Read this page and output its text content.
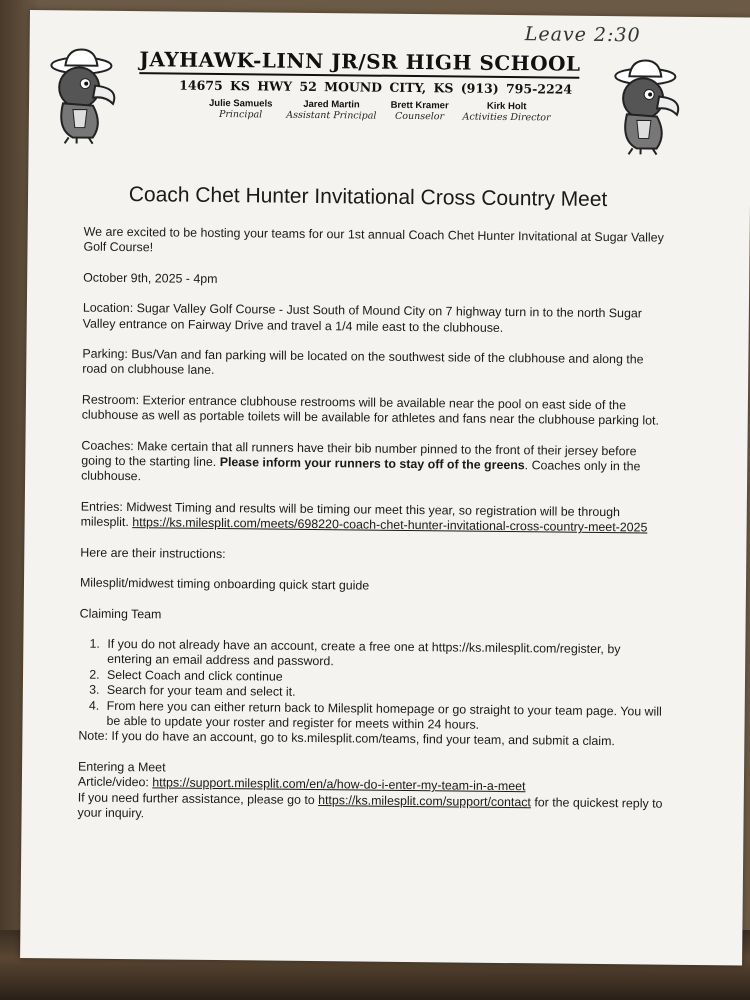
Leave 2:30
JAYHAWK-LINN JR/SR HIGH SCHOOL
14675 KS HWY 52 MOUND CITY, KS (913) 795-2224
Julie Samuels
Principal
Jared Martin
Assistant Principal
Brett Kramer
Counselor
Kirk Holt
Activities Director
Coach Chet Hunter Invitational Cross Country Meet

We are excited to be hosting your teams for our 1st annual Coach Chet Hunter Invitational at Sugar Valley Golf Course!

October 9th, 2025 - 4pm

Location: Sugar Valley Golf Course - Just South of Mound City on 7 highway turn in to the north Sugar Valley entrance on Fairway Drive and travel a 1/4 mile east to the clubhouse.

Parking: Bus/Van and fan parking will be located on the southwest side of the clubhouse and along the road on clubhouse lane.

Restroom: Exterior entrance clubhouse restrooms will be available near the pool on east side of the clubhouse as well as portable toilets will be available for athletes and fans near the clubhouse parking lot.

Coaches: Make certain that all runners have their bib number pinned to the front of their jersey before going to the starting line. Please inform your runners to stay off of the greens. Coaches only in the clubhouse.

Entries: Midwest Timing and results will be timing our meet this year, so registration will be through milesplit. https://ks.milesplit.com/meets/698220-coach-chet-hunter-invitational-cross-country-meet-2025

Here are their instructions:

Milesplit/midwest timing onboarding quick start guide

Claiming Team

1. If you do not already have an account, create a free one at https://ks.milesplit.com/register, by entering an email address and password.
2. Select Coach and click continue
3. Search for your team and select it.
4. From here you can either return back to Milesplit homepage or go straight to your team page. You will be able to update your roster and register for meets within 24 hours.

Note: If you do have an account, go to ks.milesplit.com/teams, find your team, and submit a claim.

Entering a Meet

Article/video: https://support.milesplit.com/en/a/how-do-i-enter-my-team-in-a-meet

If you need further assistance, please go to https://ks.milesplit.com/support/contact for the quickest reply to your inquiry.
